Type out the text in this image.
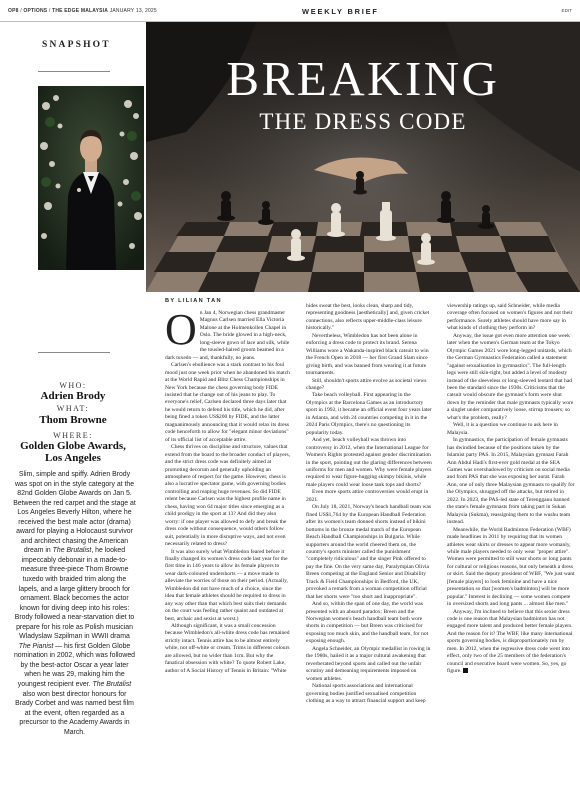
OP8 / OPTIONS / THE EDGE MALAYSIA JANUARY 13, 2025	WEEKLY BRIEF	EDIT
SNAPSHOT
WHO:
Adrien Brody
WHAT:
Thom Browne
WHERE:
Golden Globe Awards,
Los Angeles
Slim, simple and spiffy. Adrien Brody was spot on in the style category at the 82nd Golden Globe Awards on Jan 5. Between the red carpet and the stage at Los Angeles Beverly Hilton, where he received the best male actor (drama) award for playing a Holocaust survivor and architect chasing the American dream in The Brutalist, he looked impeccably debonair in a made-to-measure three-piece Thom Browne tuxedo with braided trim along the lapels, and a large glittery brooch for ornament. Black becomes the actor known for diving deep into his roles: Brody followed a near-starvation diet to prepare for his role as Polish musician Wladyslaw Szpilman in WWII drama The Pianist — his first Golden Globe nomination in 2002, which was followed by the best-actor Oscar a year later when he was 29, making him the youngest recipient ever. The Brutalist also won best director honours for Brady Corbet and was named best film at the event, often regarded as a precursor to the Academy Awards in March.
BREAKING
THE DRESS CODE
BY LILIAN TAN

On Jan 4, Norwegian chess grandmaster Magnus Carlsen married Ella Victoria Malone at the Holmenkollen Chapel in Oslo. The bride glowed in a high-neck, long-sleeve gown of lace and silk, while the tousled-haired groom beamed in a dark tuxedo — and, thankfully, no jeans.

Carlsen's ebullience was a stark contrast to his foul mood just one week prior when he abandoned his match at the World Rapid and Blitz Chess Championships in New York because the chess governing body FIDE insisted that he change out of his jeans to play. To everyone's relief, Carlsen declared three days later that he would return to defend his title, which he did, after being fined a token US$200 by FIDE, and the latter magnanimously announcing that it would relax its dress code henceforth to allow for "elegant minor deviations" of its official list of acceptable attire.

Chess thrives on discipline and structure, values that extend from the board to the broader conduct of players, and the strict dress code was definitely aimed at promoting decorum and generally upholding an atmosphere of respect for the game. However, chess is also a lucrative spectator game, with governing bodies controlling and reaping huge revenues. So did FIDE relent because Carlsen was the highest profile name in chess, having won 64 major titles since emerging as a child prodigy in the sport at 13? And did they also worry: if one player was allowed to defy and break the dress code without consequence, would others follow suit, potentially in more disruptive ways, and not even necessarily related to dress?

It was also surely what Wimbledon feared before it finally changed its women's dress code last year for the first time in 146 years to allow its female players to wear dark-coloured undershorts — a move made to alleviate the worries of those on their period. (Actually, Wimbledon did not have much of a choice, since the idea that female athletes should be required to dress in any way other than that which best suits their demands on the court was feeling rather quaint and outdated at best, archaic and sexist at worst.)

Although significant, it was a small concession because Wimbledon's all-white dress code has remained strictly intact. Tennis attire has to be almost entirely white, not off-white or cream. Trims in different colours are allowed, but no wider than 1cm. But why the fanatical obsession with white? To quote Robert Lake, author of A Social History of Tennis in Britain: "White

hides sweat the best, looks clean, sharp and tidy, representing goodness [aesthetically] and, given cricket connections, also reflects upper-middle-class leisure historically."

Nevertheless, Wimbledon has not been alone in enforcing a dress code to protect its brand. Serena Williams wore a Wakanda-inspired black catsuit to win the French Open in 2018 — her first Grand Slam since giving birth, and was banned from wearing it at future tournaments.

Still, shouldn't sports attire evolve as societal views change?

Take beach volleyball. First appearing in the Olympics at the Barcelona Games as an introductory sport in 1992, it became an official event four years later in Atlanta, and with 24 countries competing in it in the 2024 Paris Olympics, there's no questioning its popularity today.

And yet, beach volleyball was thrown into controversy in 2012, when the International League for Women's Rights protested against gender discrimination in the sport, pointing out the glaring differences between uniforms for men and women. Why were female players required to wear figure-hugging skimpy bikinis, while male players could wear loose tank tops and shorts?

Even more sports attire controversies would erupt in 2021.

On July 18, 2021, Norway's beach handball team was fined US$1,764 by the European Handball Federation after its women's team donned shorts instead of bikini bottoms in the bronze medal match of the European Beach Handball Championships in Bulgaria. While supporters around the world cheered them on, the country's sports minister called the punishment "completely ridiculous" and the singer Pink offered to pay the fine. On the very same day, Paralympian Olivia Breen competing at the England Senior and Disability Track & Field Championships in Bedford, the UK, provoked a remark from a woman competition official that her shorts were "too short and inappropriate".

And so, within the span of one day, the world was presented with an absurd paradox: Breen and the Norwegian women's beach handball team both wore shorts in competition — but Breen was criticised for exposing too much skin, and the handball team, for not exposing enough.

Angela Schneider, an Olympic medallist in rowing in the 1980s, hailed it as a major cultural awakening that reverberated beyond sports and called out the unfair scrutiny and demeaning requirements imposed on women athletes.

National sports associations and international governing bodies justified sexualised competition clothing as a way to attract financial support and keep

viewership ratings up, said Schneider, while media coverage often focused on women's figures and not their performance. Surely athletes should have more say in what kinds of clothing they perform in?

Anyway, the issue got even more attention one week later when the women's German team at the Tokyo Olympic Games 2021 wore long-legged unitards, which the German Gymnastics Federation called a statement "against sexualisation in gymnastics". The full-length legs were still skin-tight, but added a level of modesty instead of the sleeveless or long-sleeved leotard that had been the standard since the 1930s. Criticisms that the catsuit would obscure the gymnast's form were shut down by the reminder that male gymnasts typically wore a singlet under comparatively loose, stirrup trousers; so what's the problem, really?

Well, it is a question we continue to ask here in Malaysia.

In gymnastics, the participation of female gymnasts has dwindled because of the positions taken by the Islamist party PAS. In 2015, Malaysian gymnast Farah Ann Abdul Hadi's first-ever gold medal at the SEA Games was overshadowed by criticism on social media and from PAS that she was exposing her aurat. Farah Ann, one of only three Malaysian gymnasts to qualify for the Olympics, shrugged off the attacks, but retired in 2022. In 2023, the PAS-led state of Terengganu banned the state's female gymnasts from taking part in Sukan Malaysia (Sukma), reassigning them to the wushu team instead.

Meanwhile, the World Badminton Federation (WBF) made headlines in 2011 by requiring that its women athletes wear skirts or dresses to appear more womanly, while male players needed to only wear "proper attire". Women were permitted to still wear shorts or long pants for cultural or religious reasons, but only beneath a dress or skirt. Said the deputy president of WBF, "We just want [female players] to look feminine and have a nice presentation so that [women's badminton] will be more popular." Interest is declining — some women compete in oversized shorts and long pants ... almost like men."

Anyway, I'm inclined to believe that this sexist dress code is one reason that Malaysian badminton has not engaged more talent and produced better female players. And the reason for it? The WBF, like many international sports governing bodies, is disproportionately run by men. In 2012, when the regressive dress code went into effect, only two of the 25 members of the federation's council and executive board were women. So, yes, go figure.
